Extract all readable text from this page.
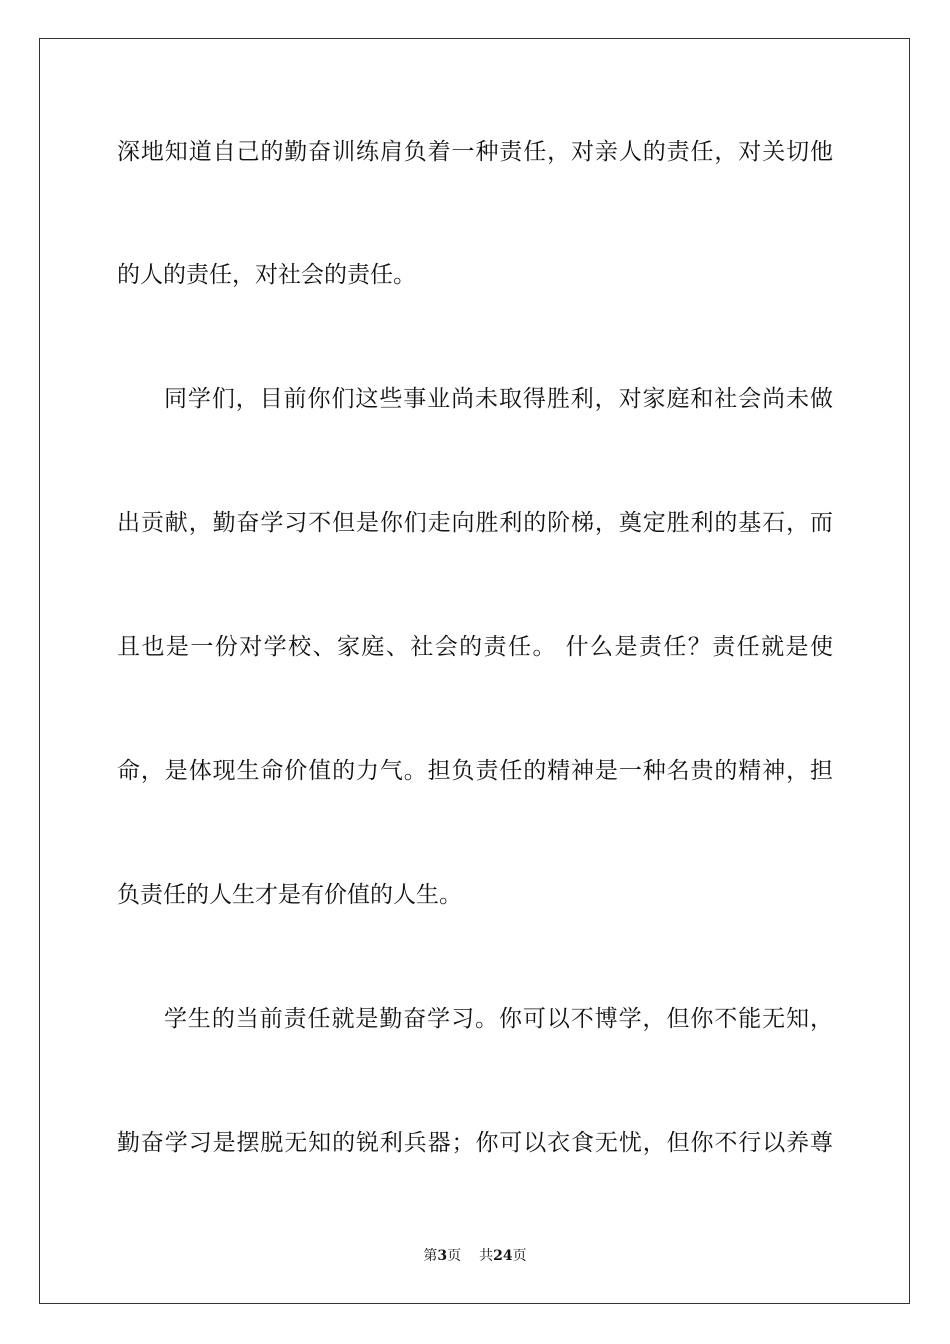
深地知道自己的勤奋训练肩负着一种责任，对亲人的责任，对关切他
的人的责任，对社会的责任。
同学们，目前你们这些事业尚未取得胜利，对家庭和社会尚未做
出贡献，勤奋学习不但是你们走向胜利的阶梯，奠定胜利的基石，而
且也是一份对学校、家庭、社会的责任。 什么是责任？责任就是使
命，是体现生命价值的力气。担负责任的精神是一种名贵的精神，担
负责任的人生才是有价值的人生。
学生的当前责任就是勤奋学习。你可以不博学，但你不能无知，
勤奋学习是摆脱无知的锐利兵器；你可以衣食无忧，但你不行以养尊
第3页 共24页
